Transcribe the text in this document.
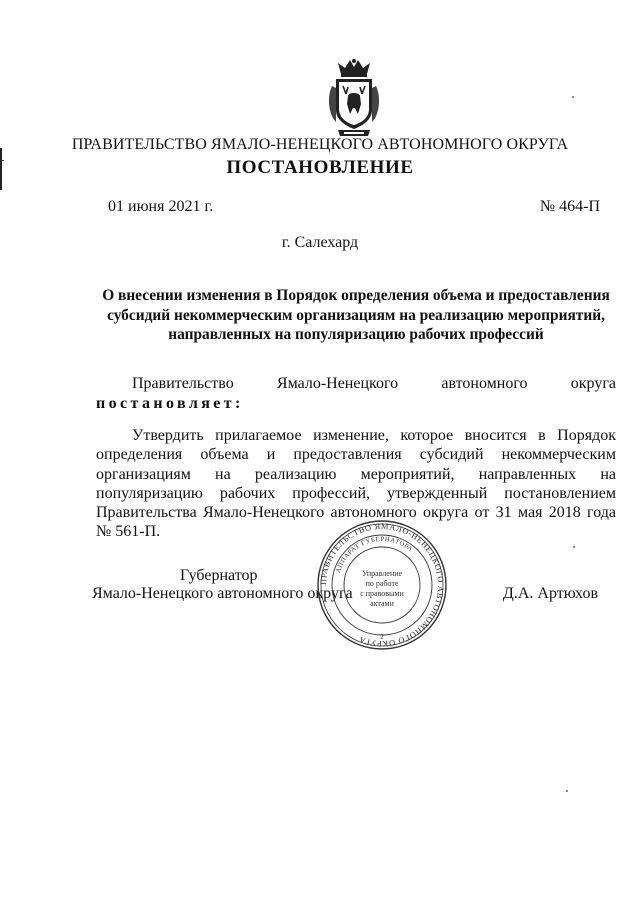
ПРАВИТЕЛЬСТВО ЯМАЛО-НЕНЕЦКОГО АВТОНОМНОГО ОКРУГА
ПОСТАНОВЛЕНИЕ
01 июня 2021 г.	№ 464-П
г. Салехард
О внесении изменения в Порядок определения объема и предоставления субсидий некоммерческим организациям на реализацию мероприятий, направленных на популяризацию рабочих профессий
Правительство	Ямало-Ненецкого	автономного	округа
постановляет:
Утвердить прилагаемое изменение, которое вносится в Порядок определения объема и предоставления субсидий некоммерческим организациям на реализацию мероприятий, направленных на популяризацию рабочих профессий, утвержденный постановлением Правительства Ямало-Ненецкого автономного округа от 31 мая 2018 года № 561-П.
Губернатор
Ямало-Ненецкого автономного округа	Д.А. Артюхов
ПРАВИТЕЛЬСТВО ЯМАЛО-НЕНЕЦКОГО АВТОНОМНОГО ОКРУГА
АППАРАТ ГУБЕРНАТОРА
Управление
по работе
с правовыми
актами
2
